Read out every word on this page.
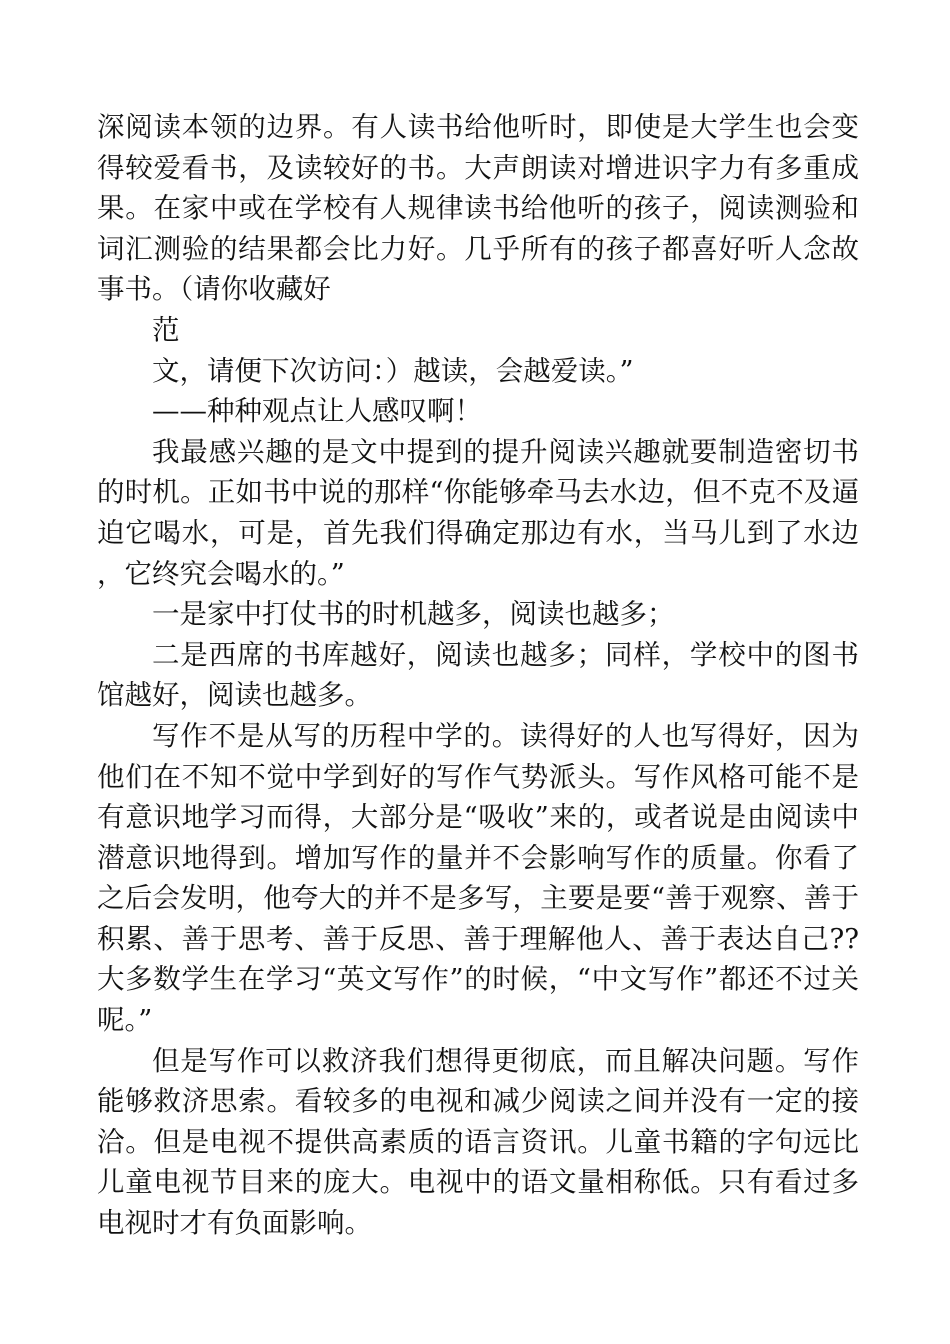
深阅读本领的边界。有人读书给他听时，即使是大学生也会变得较爱看书，及读较好的书。大声朗读对增进识字力有多重成果。在家中或在学校有人规律读书给他听的孩子，阅读测验和词汇测验的结果都会比力好。几乎所有的孩子都喜好听人念故事书。（请你收藏好

范

文，请便下次访问：）越读，会越爱读。”

——种种观点让人感叹啊！

我最感兴趣的是文中提到的提升阅读兴趣就要制造密切书的时机。正如书中说的那样“你能够牵马去水边，但不克不及逼迫它喝水，可是，首先我们得确定那边有水，当马儿到了水边，它终究会喝水的。”

一是家中打仗书的时机越多，阅读也越多；

二是西席的书库越好，阅读也越多；同样，学校中的图书馆越好，阅读也越多。

写作不是从写的历程中学的。读得好的人也写得好，因为他们在不知不觉中学到好的写作气势派头。写作风格可能不是有意识地学习而得，大部分是“吸收”来的，或者说是由阅读中潜意识地得到。增加写作的量并不会影响写作的质量。你看了之后会发明，他夸大的并不是多写，主要是要“善于观察、善于积累、善于思考、善于反思、善于理解他人、善于表达自己??大多数学生在学习“英文写作”的时候，“中文写作”都还不过关呢。”

但是写作可以救济我们想得更彻底，而且解决问题。写作能够救济思索。看较多的电视和减少阅读之间并没有一定的接洽。但是电视不提供高素质的语言资讯。儿童书籍的字句远比儿童电视节目来的庞大。电视中的语文量相称低。只有看过多电视时才有负面影响。
